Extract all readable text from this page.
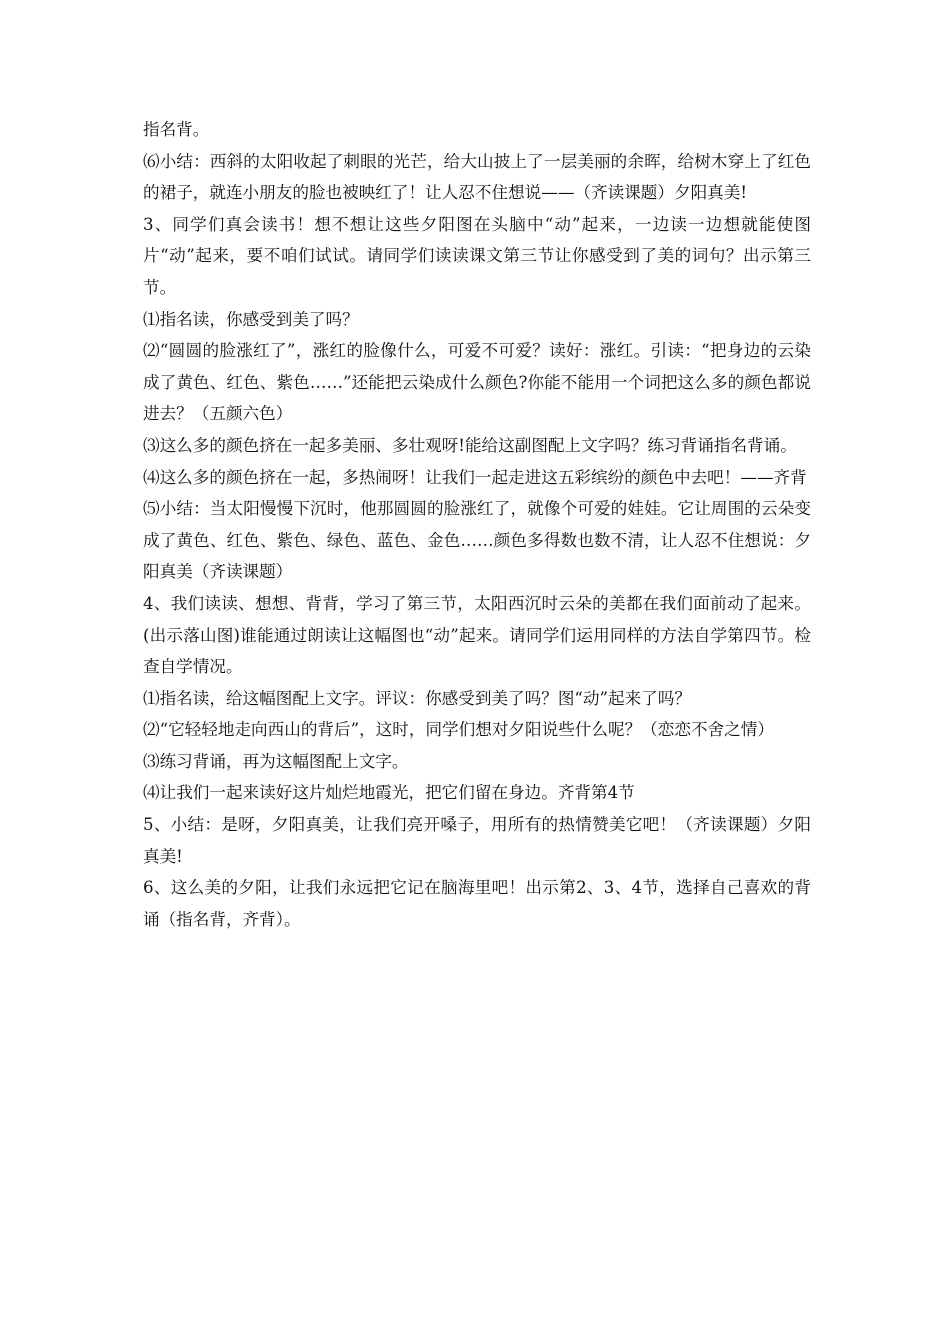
指名背。

⑹小结：西斜的太阳收起了刺眼的光芒，给大山披上了一层美丽的余晖，给树木穿上了红色的裙子，就连小朋友的脸也被映红了！让人忍不住想说——（齐读课题）夕阳真美!

3、同学们真会读书！想不想让这些夕阳图在头脑中“动”起来，一边读一边想就能使图片“动”起来，要不咱们试试。请同学们读读课文第三节让你感受到了美的词句？出示第三节。

⑴指名读，你感受到美了吗？

⑵“圆圆的脸涨红了”，涨红的脸像什么，可爱不可爱？读好：涨红。引读：“把身边的云染成了黄色、红色、紫色……”还能把云染成什么颜色?你能不能用一个词把这么多的颜色都说进去？（五颜六色）

⑶这么多的颜色挤在一起多美丽、多壮观呀!能给这副图配上文字吗？练习背诵指名背诵。

⑷这么多的颜色挤在一起，多热闹呀！让我们一起走进这五彩缤纷的颜色中去吧！——齐背

⑸小结：当太阳慢慢下沉时，他那圆圆的脸涨红了，就像个可爱的娃娃。它让周围的云朵变成了黄色、红色、紫色、绿色、蓝色、金色……颜色多得数也数不清，让人忍不住想说：夕阳真美（齐读课题）

4、我们读读、想想、背背，学习了第三节，太阳西沉时云朵的美都在我们面前动了起来。(出示落山图)谁能通过朗读让这幅图也“动”起来。请同学们运用同样的方法自学第四节。检查自学情况。

⑴指名读，给这幅图配上文字。评议：你感受到美了吗？图“动”起来了吗？

⑵“它轻轻地走向西山的背后”，这时，同学们想对夕阳说些什么呢？（恋恋不舍之情）

⑶练习背诵，再为这幅图配上文字。

⑷让我们一起来读好这片灿烂地霞光，把它们留在身边。齐背第4节

5、小结：是呀，夕阳真美，让我们亮开嗓子，用所有的热情赞美它吧！（齐读课题）夕阳真美!

6、这么美的夕阳，让我们永远把它记在脑海里吧！出示第2、3、4节，选择自己喜欢的背诵（指名背，齐背）。
